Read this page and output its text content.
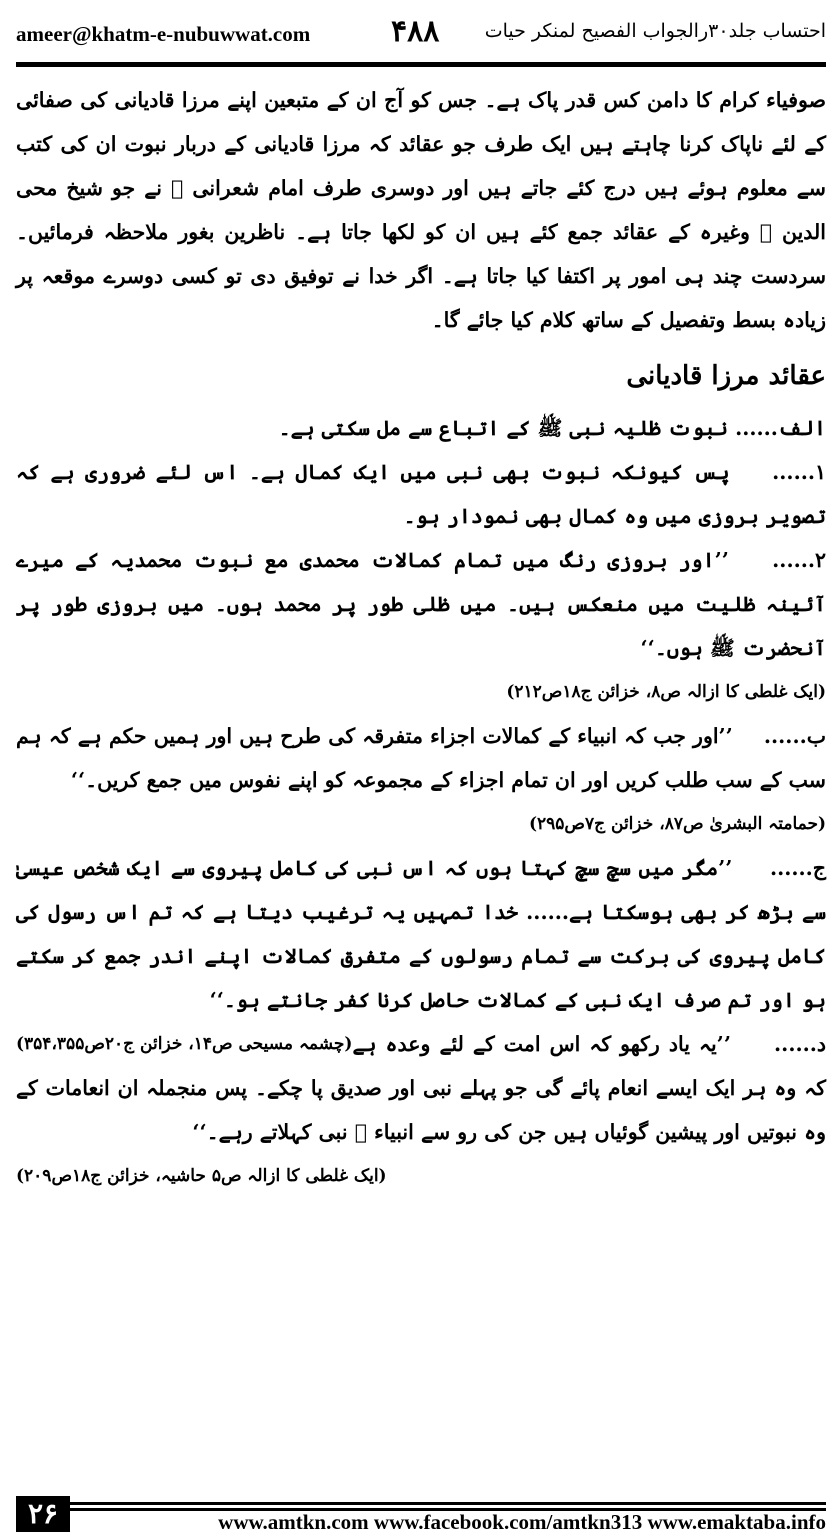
ameer@khatm-e-nubuwwat.com	۴۸۸ احتساب جلد۳۰رالجواب الفصیح لمنکر حیات

صوفیاء کرام کا دامن کس قدر پاک ہے۔ جس کو آج ان کے متبعین اپنے مرزا قادیانی کی صفائی کے لئے ناپاک کرنا چاہتے ہیں ایک طرف جو عقائد کہ مرزا قادیانی کے دربار نبوت ان کی کتب سے معلوم ہوئے ہیں درج کئے جاتے ہیں اور دوسری طرف امام شعرانی ﷫ نے جو شیخ محی الدین ﷫ وغیرہ کے عقائد جمع کئے ہیں ان کو لکھا جاتا ہے۔ ناظرین بغور ملاحظہ فرمائیں۔ سردست چند ہی امور پر اکتفا کیا جاتا ہے۔ اگر خدا نے توفیق دی تو کسی دوسرے موقعہ پر زیادہ بسط وتفصیل کے ساتھ کلام کیا جائے گا۔

عقائد مرزا قادیانی

الف...... نبوت ظلیہ نبی ﷺ کے اتباع سے مل سکتی ہے۔

۱...... پس کیونکہ نبوت بھی نبی میں ایک کمال ہے۔ اس لئے ضروری ہے کہ تصویر بروزی میں وہ کمال بھی نمودار ہو۔

۲...... ’’اور بروزی رنگ میں تمام کمالات محمدی مع نبوت محمدیہ کے میرے آئینہ ظلیت میں منعکس ہیں۔ میں ظلی طور پر محمد ہوں۔ میں بروزی طور پر آنحضرت ﷺ ہوں۔‘‘

(ایک غلطی کا ازالہ ص۸، خزائن ج۱۸ص۲۱۲)

ب...... ’’اور جب کہ انبیاء کے کمالات اجزاء متفرقہ کی طرح ہیں اور ہمیں حکم ہے کہ ہم سب کے سب طلب کریں اور ان تمام اجزاء کے مجموعہ کو اپنے نفوس میں جمع کریں۔‘‘

(حمامتہ البشریٰ ص۸۷، خزائن ج۷ص۲۹۵)

ج...... ’’مگر میں سچ سچ کہتا ہوں کہ اس نبی کی کامل پیروی سے ایک شخص عیسیٰ سے بڑھ کر بھی ہوسکتا ہے...... خدا تمہیں یہ ترغیب دیتا ہے کہ تم اس رسول کی کامل پیروی کی برکت سے تمام رسولوں کے متفرق کمالات اپنے اندر جمع کر سکتے ہو اور تم صرف ایک نبی کے کمالات حاصل کرنا کفر جانتے ہو۔‘‘
(چشمہ مسیحی ص۱۴، خزائن ج۲۰ص۳۵۴،۳۵۵)	د...... ’’یہ یاد رکھو کہ اس امت کے لئے وعدہ ہے کہ وہ ہر ایک ایسے انعام پائے گی جو پہلے نبی اور صدیق پا چکے۔ پس منجملہ ان انعامات کے وہ نبوتیں اور پیشین گوئیاں ہیں جن کی رو سے انبیاء ﷩ نبی کہلاتے رہے۔‘‘
(ایک غلطی کا ازالہ ص۵ حاشیہ، خزائن ج۱۸ص۲۰۹)

۲۶	www.amtkn.com www.facebook.com/amtkn313 www.emaktaba.info
